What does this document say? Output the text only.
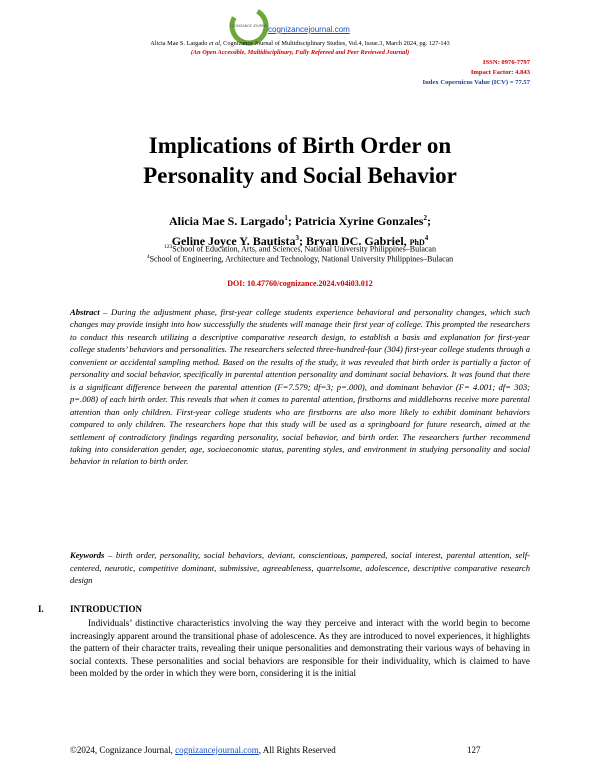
COGNIZANCE JOURNAL cognizancejournal.com
Alicia Mae S. Largado et al, Cognizance Journal of Multidisciplinary Studies, Vol.4, Issue.3, March 2024, pg. 127-143
(An Open Accessible, Multidisciplinary, Fully Refereed and Peer Reviewed Journal)
ISSN: 0976-7797
Impact Factor: 4.843
Index Copernicus Value (ICV) = 77.57
Implications of Birth Order on
Personality and Social Behavior
Alicia Mae S. Largado$^1$; Patricia Xyrine Gonzales$^2$;
Geline Joyce Y. Bautista$^3$; Bryan DC. Gabriel, PhD$^4$
$^{123}$School of Education, Arts, and Sciences, National University Philippines–Bulacan
$^4$School of Engineering, Architecture and Technology, National University Philippines–Bulacan
DOI: 10.47760/cognizance.2024.v04i03.012
Abstract – During the adjustment phase, first-year college students experience behavioral and personality changes, which such changes may provide insight into how successfully the students will manage their first year of college. This prompted the researchers to conduct this research utilizing a descriptive comparative research design, to establish a basis and explanation for first-year college students’ behaviors and personalities. The researchers selected three-hundred-four (304) first-year college students through a convenient or accidental sampling method. Based on the results of the study, it was revealed that birth order is partially a factor of personality and social behavior, specifically in parental attention personality and dominant social behaviors. It was found that there is a significant difference between the parental attention (F=7.579; df=3; p=.000), and dominant behavior (F= 4.001; df= 303; p=.008) of each birth order. This reveals that when it comes to parental attention, firstborns and middleborns receive more parental attention than only children. First-year college students who are firstborns are also more likely to exhibit dominant behaviors compared to only children. The researchers hope that this study will be used as a springboard for future research, aimed at the settlement of contradictory findings regarding personality, social behavior, and birth order. The researchers further recommend taking into consideration gender, age, socioeconomic status, parenting styles, and environment in studying personality and social behavior in relation to birth order.
Keywords – birth order, personality, social behaviors, deviant, conscientious, pampered, social interest, parental attention, self-centered, neurotic, competitive dominant, submissive, agreeableness, quarrelsome, adolescence, descriptive comparative research design
I.	INTRODUCTION
Individuals’ distinctive characteristics involving the way they perceive and interact with the world begin to become increasingly apparent around the transitional phase of adolescence. As they are introduced to novel experiences, it highlights the pattern of their character traits, revealing their unique personalities and demonstrating their various ways of behaving in social contexts. These personalities and social behaviors are responsible for their individuality, which is claimed to have been molded by the order in which they were born, considering it is the initial
©2024, Cognizance Journal, cognizancejournal.com, All Rights Reserved	127
